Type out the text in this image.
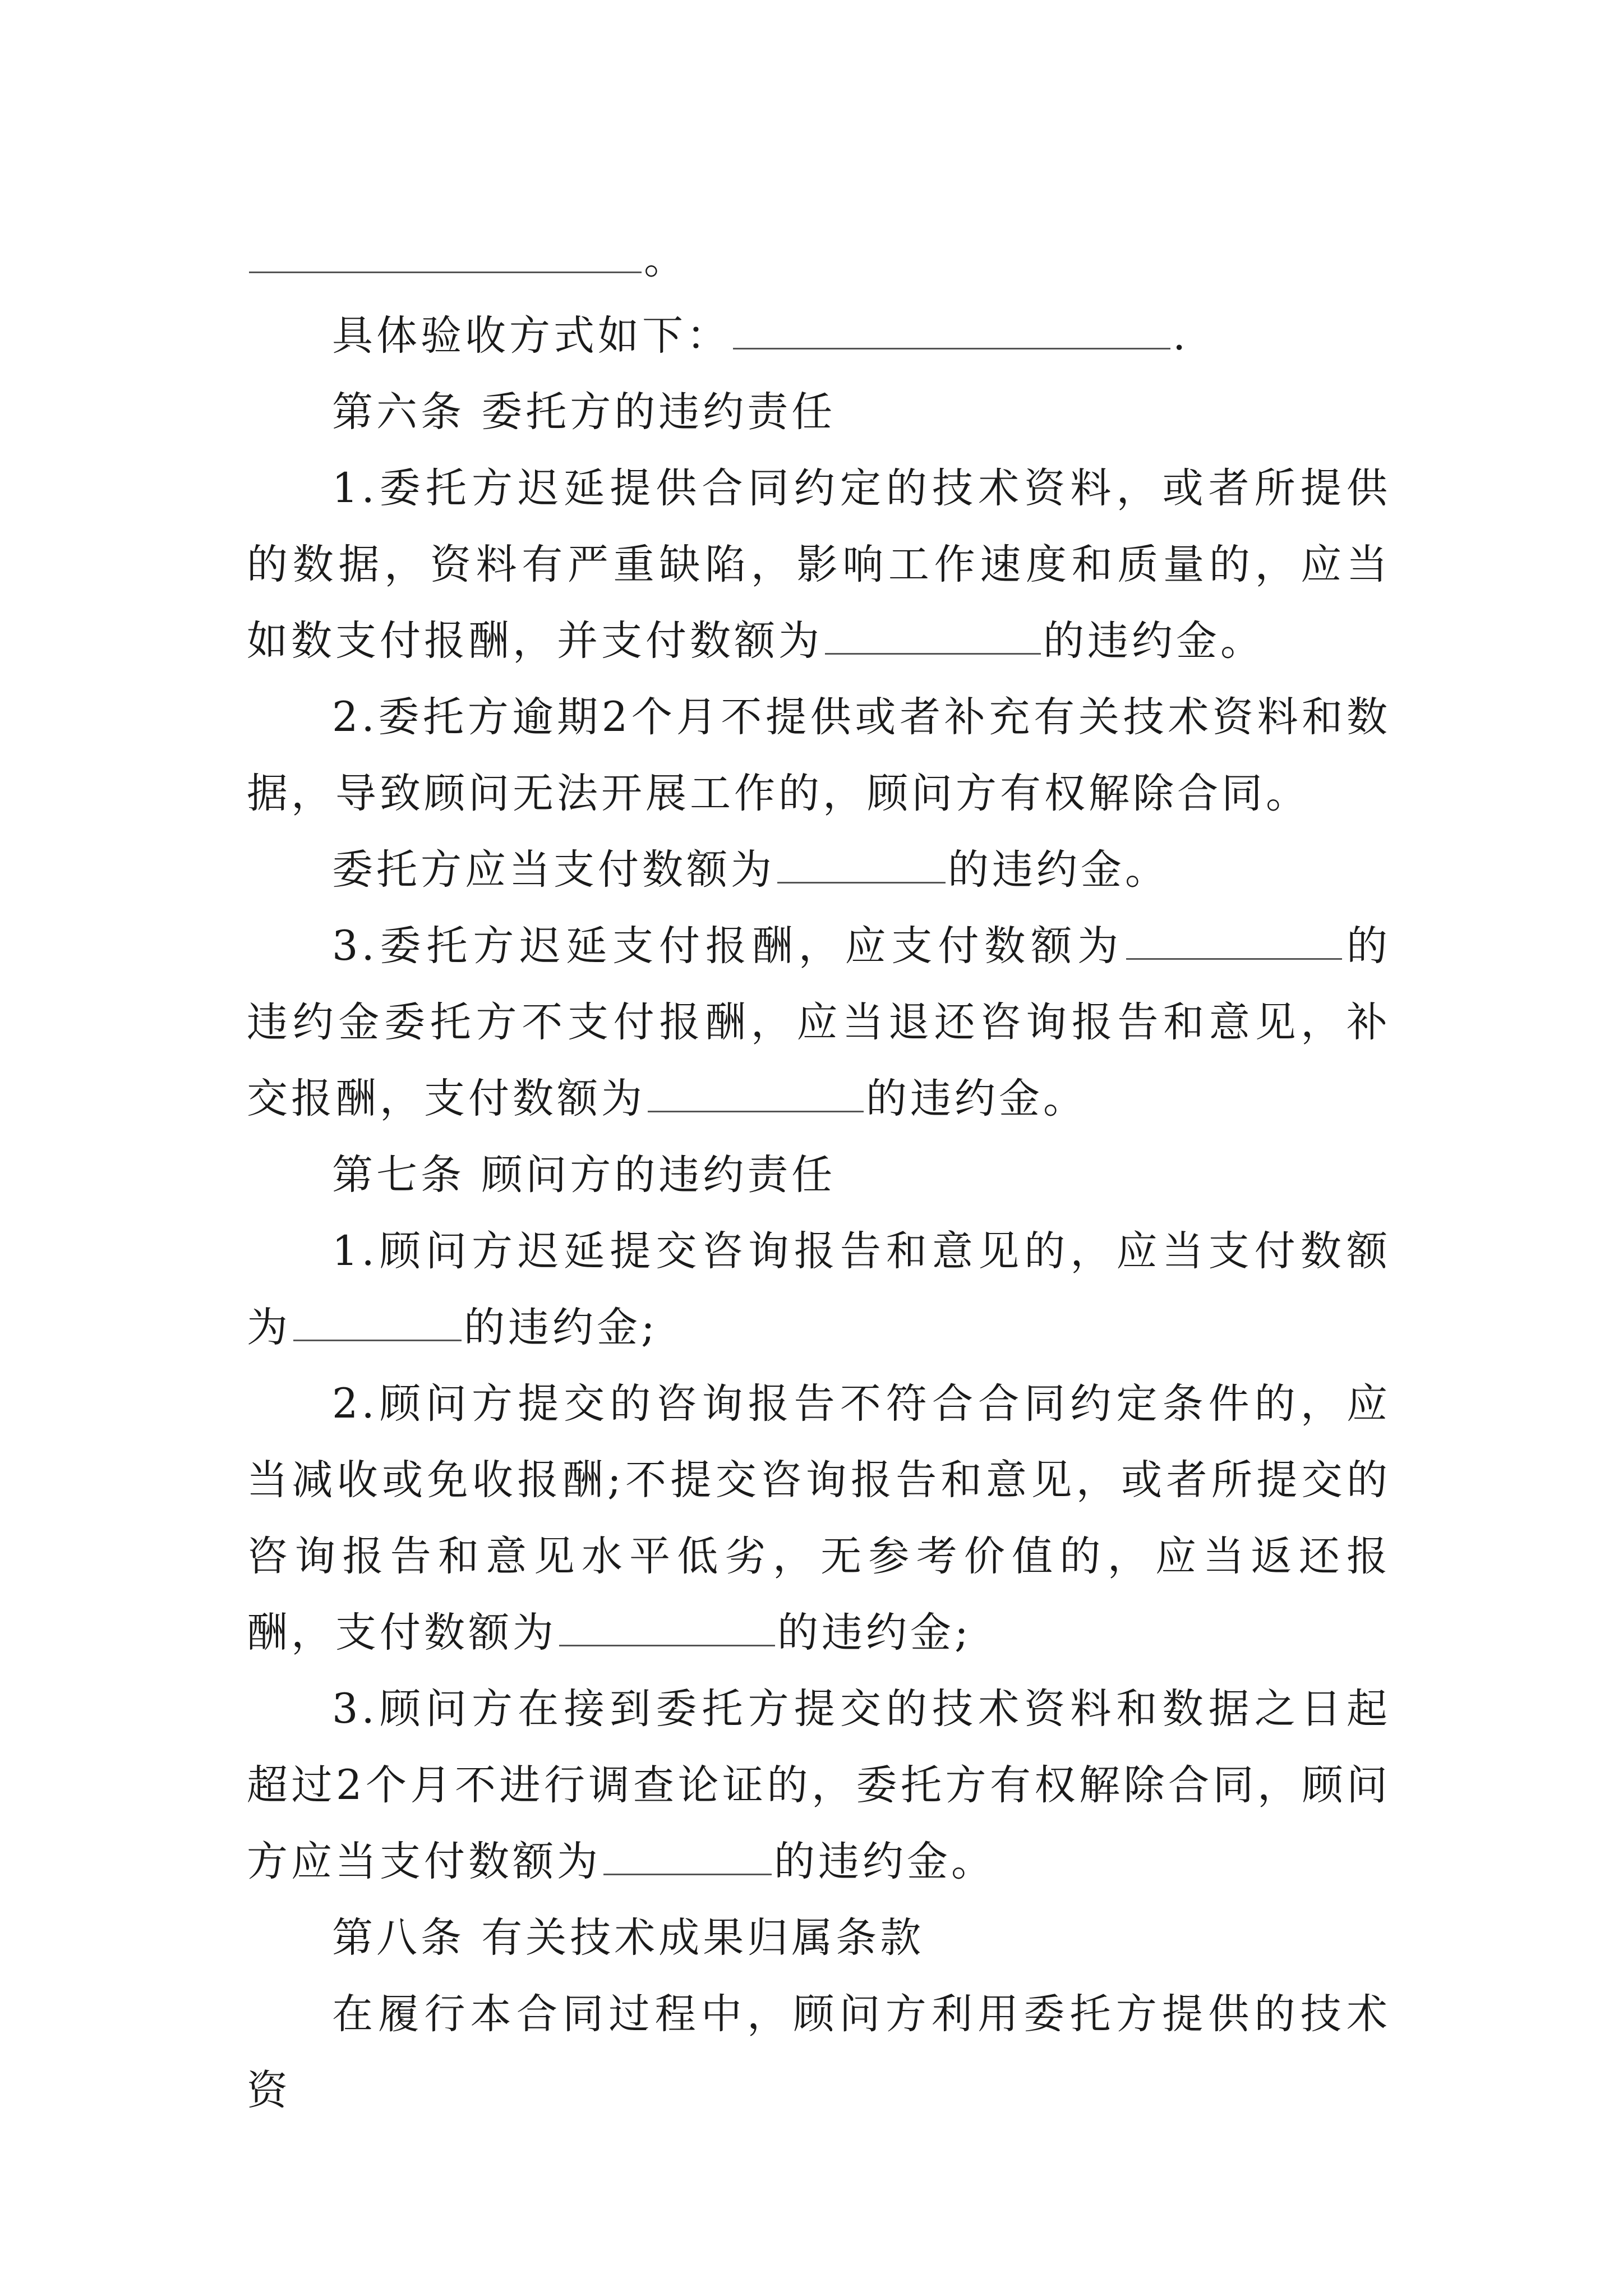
。

具体验收方式如下：	.

第六条 委托方的违约责任

1.委托方迟延提供合同约定的技术资料，或者所提供的数据，资料有严重缺陷，影响工作速度和质量的，应当如数支付报酬，并支付数额为	的违约金。

2.委托方逾期2个月不提供或者补充有关技术资料和数据，导致顾问无法开展工作的，顾问方有权解除合同。

委托方应当支付数额为	的违约金。

3.委托方迟延支付报酬，应支付数额为	的违约金委托方不支付报酬，应当退还咨询报告和意见，补交报酬，支付数额为	的违约金。

第七条 顾问方的违约责任

1.顾问方迟延提交咨询报告和意见的，应当支付数额为	的违约金;

2.顾问方提交的咨询报告不符合合同约定条件的，应当减收或免收报酬;不提交咨询报告和意见，或者所提交的咨询报告和意见水平低劣，无参考价值的，应当返还报酬，支付数额为	的违约金;

3.顾问方在接到委托方提交的技术资料和数据之日起超过2个月不进行调查论证的，委托方有权解除合同，顾问方应当支付数额为	的违约金。

第八条 有关技术成果归属条款

在履行本合同过程中，顾问方利用委托方提供的技术资
